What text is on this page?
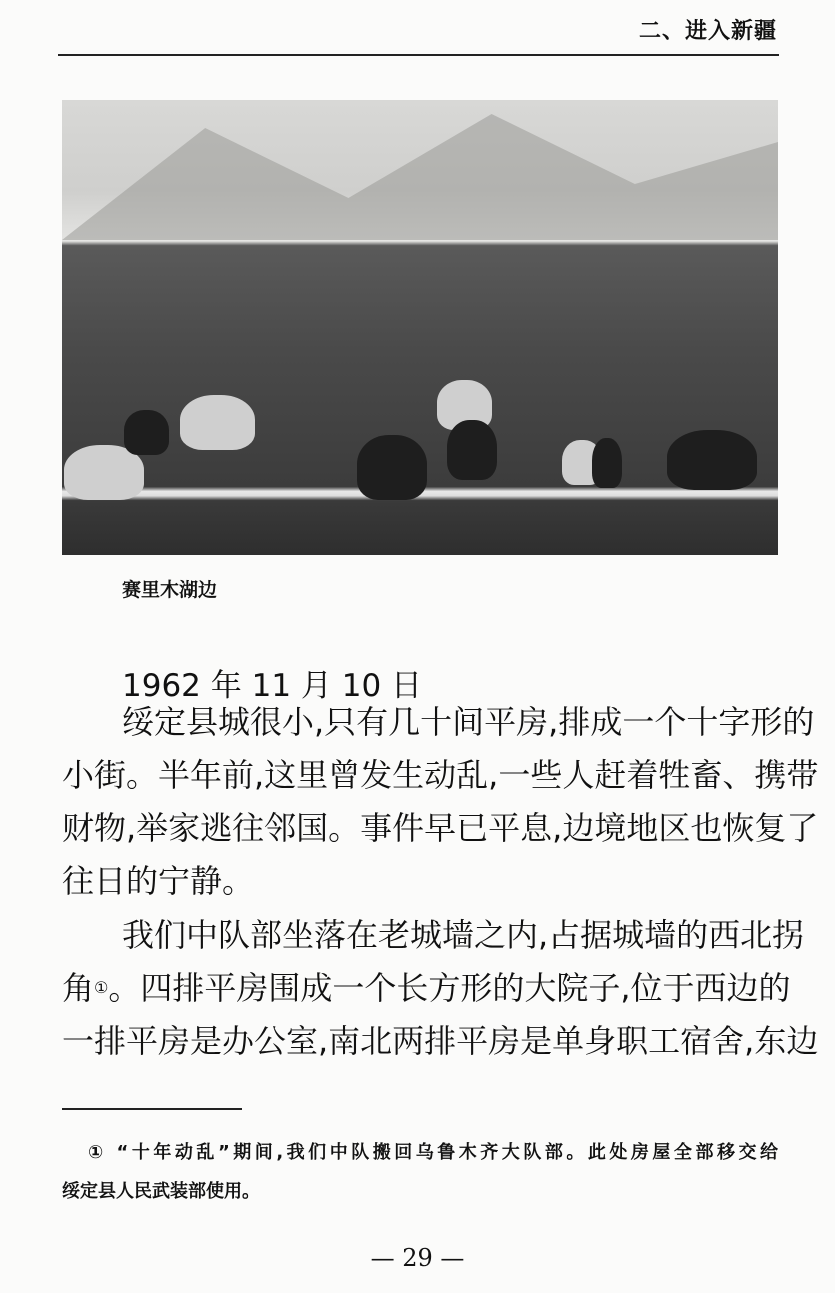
二、进入新疆
赛里木湖边
1962 年 11 月 10 日
绥定县城很小,只有几十间平房,排成一个十字形的
小街。半年前,这里曾发生动乱,一些人赶着牲畜、携带
财物,举家逃往邻国。事件早已平息,边境地区也恢复了
往日的宁静。
我们中队部坐落在老城墙之内,占据城墙的西北拐
角 ① 。四排平房围成一个长方形的大院子,位于西边的
一排平房是办公室,南北两排平房是单身职工宿舍,东边
① “十年动乱”期间,我们中队搬回乌鲁木齐大队部。此处房屋全部移交给
绥定县人民武装部使用。
— 29 —
